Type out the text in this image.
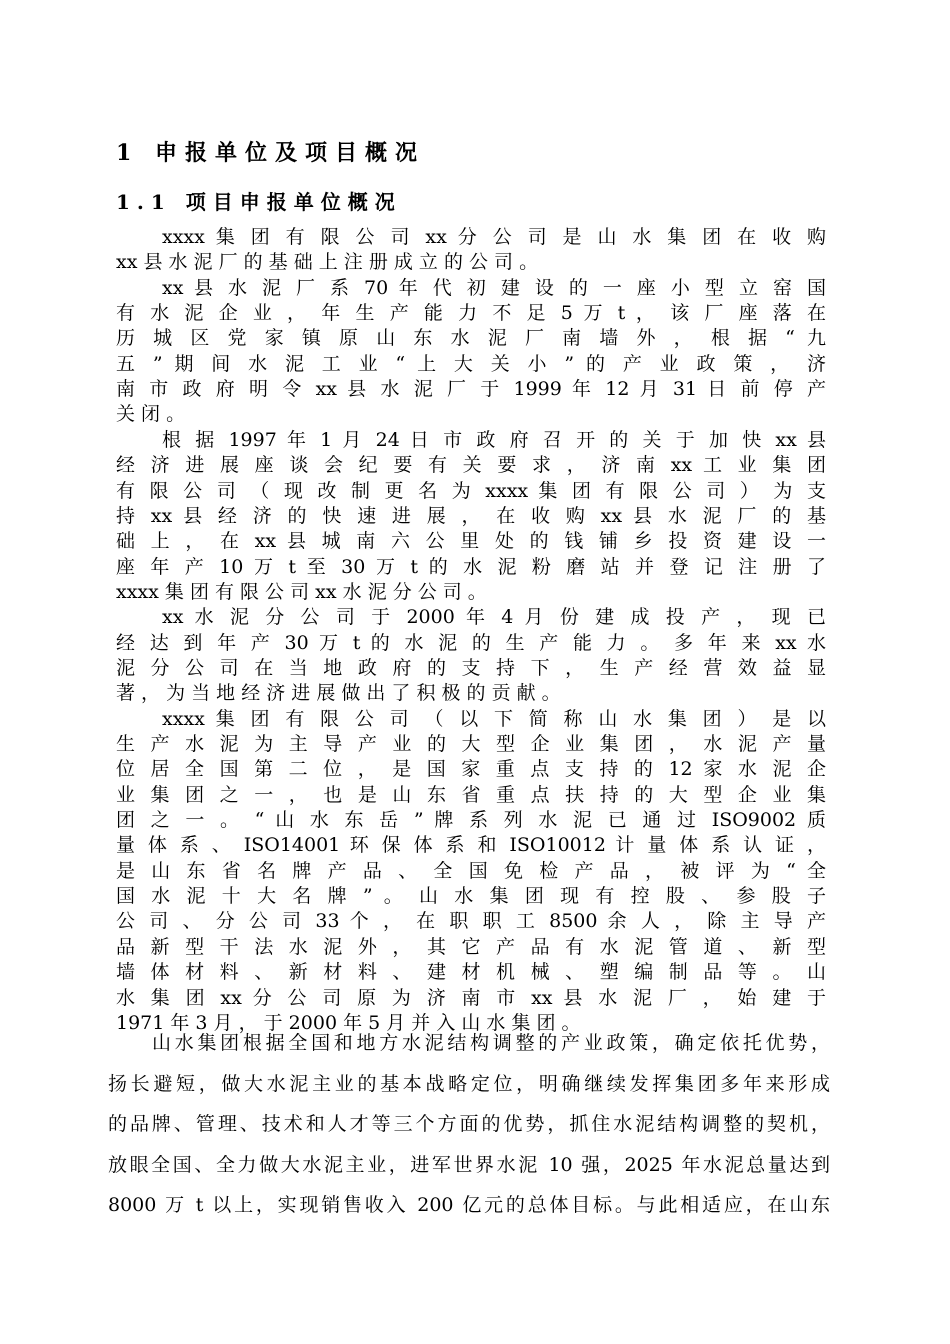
1 申报单位及项目概况
1.1 项目申报单位概况
xxxx 集 团 有 限 公 司 xx 分 公 司 是 山 水 集 团 在 收 购
xx 县 水 泥 厂 的 基 础 上 注 册 成 立 的 公 司 。
xx 县 水 泥 厂 系 70 年 代 初 建 设 的 一 座 小 型 立 窑 国
有 水 泥 企 业 ， 年 生 产 能 力 不 足 5 万 t ， 该 厂 座 落 在
历 城 区 党 家 镇 原 山 东 水 泥 厂 南 墙 外 ， 根 据 “ 九
五 ” 期 间 水 泥 工 业 “ 上 大 关 小 ” 的 产 业 政 策 ， 济
南 市 政 府 明 令 xx 县 水 泥 厂 于 1999 年 12 月 31 日 前 停 产
关 闭 。
根 据 1997 年 1 月 24 日 市 政 府 召 开 的 关 于 加 快 xx 县
经 济 进 展 座 谈 会 纪 要 有 关 要 求 ， 济 南 xx 工 业 集 团
有 限 公 司 （ 现 改 制 更 名 为 xxxx 集 团 有 限 公 司 ） 为 支
持 xx 县 经 济 的 快 速 进 展 ， 在 收 购 xx 县 水 泥 厂 的 基
础 上 ， 在 xx 县 城 南 六 公 里 处 的 钱 铺 乡 投 资 建 设 一
座 年 产 10 万 t 至 30 万 t 的 水 泥 粉 磨 站 并 登 记 注 册 了
xxxx 集 团 有 限 公 司 xx 水 泥 分 公 司 。
xx 水 泥 分 公 司 于 2000 年 4 月 份 建 成 投 产 ， 现 已
经 达 到 年 产 30 万 t 的 水 泥 的 生 产 能 力 。 多 年 来 xx 水
泥 分 公 司 在 当 地 政 府 的 支 持 下 ， 生 产 经 营 效 益 显
著 ， 为 当 地 经 济 进 展 做 出 了 积 极 的 贡 献 。
xxxx 集 团 有 限 公 司 （ 以 下 简 称 山 水 集 团 ） 是 以
生 产 水 泥 为 主 导 产 业 的 大 型 企 业 集 团 ， 水 泥 产 量
位 居 全 国 第 二 位 ， 是 国 家 重 点 支 持 的 12 家 水 泥 企
业 集 团 之 一 ， 也 是 山 东 省 重 点 扶 持 的 大 型 企 业 集
团 之 一 。 “ 山 水 东 岳 ” 牌 系 列 水 泥 已 通 过 ISO9002 质
量 体 系 、 ISO14001 环 保 体 系 和 ISO10012 计 量 体 系 认 证 ，
是 山 东 省 名 牌 产 品 、 全 国 免 检 产 品 ， 被 评 为 “ 全
国 水 泥 十 大 名 牌 ” 。 山 水 集 团 现 有 控 股 、 参 股 子
公 司 、 分 公 司 33 个 ， 在 职 职 工 8500 余 人 ， 除 主 导 产
品 新 型 干 法 水 泥 外 ， 其 它 产 品 有 水 泥 管 道 、 新 型
墙 体 材 料 、 新 材 料 、 建 材 机 械 、 塑 编 制 品 等 。 山
水 集 团 xx 分 公 司 原 为 济 南 市 xx 县 水 泥 厂 ， 始 建 于
1971 年 3 月 ， 于 2000 年 5 月 并 入 山 水 集 团 。
山水集团根据全国和地方水泥结构调整的产业政策，确定依托优势，
扬长避短，做大水泥主业的基本战略定位，明确继续发挥集团多年来形成
的品牌、管理、技术和人才等三个方面的优势，抓住水泥结构调整的契机，
放眼全国、全力做大水泥主业，进军世界水泥 10 强，2025 年水泥总量达到
8000 万 t 以上，实现销售收入 200 亿元的总体目标。与此相适应，在山东
